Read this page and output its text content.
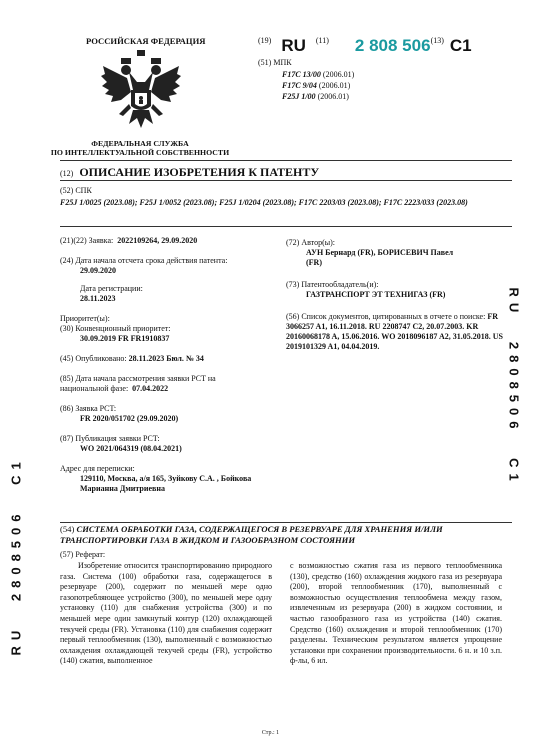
РОССИЙСКАЯ ФЕДЕРАЦИЯ
ФЕДЕРАЛЬНАЯ СЛУЖБА
ПО ИНТЕЛЛЕКТУАЛЬНОЙ СОБСТВЕННОСТИ
$^{(19)}$ RU $^{(11)}$ 2 808 506$^{(13)}$ C1
(51) МПК
F17C 13/00 (2006.01)
F17C 9/04 (2006.01)
F25J 1/00 (2006.01)
(12) ОПИСАНИЕ ИЗОБРЕТЕНИЯ К ПАТЕНТУ
(52) СПК
F25J 1/0025 (2023.08); F25J 1/0052 (2023.08); F25J 1/0204 (2023.08); F17C 2203/03 (2023.08); F17C 2223/033 (2023.08)
(21)(22) Заявка: 2022109264, 29.09.2020
(24) Дата начала отсчета срока действия патента:
29.09.2020
Дата регистрации:
28.11.2023
Приоритет(ы):
(30) Конвенционный приоритет:
30.09.2019 FR FR1910837
(45) Опубликовано: 28.11.2023 Бюл. № 34
(85) Дата начала рассмотрения заявки PCT на национальной фазе: 07.04.2022
(86) Заявка PCT:
FR 2020/051702 (29.09.2020)
(87) Публикация заявки PCT:
WO 2021/064319 (08.04.2021)
Адрес для переписки:
129110, Москва, а/я 165, Зуйкову С.А. , Бойкова Марианна Дмитриевна
(72) Автор(ы):
АУН Бернард (FR), БОРИСЕВИЧ Павел (FR)
(73) Патентообладатель(и):
ГАЗТРАНСПОРТ ЭТ ТЕХНИГАЗ (FR)
(56) Список документов, цитированных в отчете о поиске: FR 3066257 A1, 16.11.2018. RU 2208747 C2, 20.07.2003. KR 20160068178 A, 15.06.2016. WO 2018096187 A2, 31.05.2018. US 2019101329 A1, 04.04.2019.
RU 2808506 C1
RU 2808506 C1
(54) СИСТЕМА ОБРАБОТКИ ГАЗА, СОДЕРЖАЩЕГОСЯ В РЕЗЕРВУАРЕ ДЛЯ ХРАНЕНИЯ И/ИЛИ ТРАНСПОРТИРОВКИ ГАЗА В ЖИДКОМ И ГАЗООБРАЗНОМ СОСТОЯНИИ
(57) Реферат:
Изобретение относится транспортированию природного газа. Система (100) обработки газа, содержащегося в резервуаре (200), содержит по меньшей мере одно газопотребляющее устройство (300), по меньшей мере одну установку (110) для снабжения устройства (300) и по меньшей мере один замкнутый контур (120) охлаждающей текучей среды (FR). Установка (110) для снабжения содержит первый теплообменник (130), выполненный с возможностью охлаждения охлаждающей текучей среды (FR), устройство (140) сжатия, выполненное
с возможностью сжатия газа из первого теплообменника (130), средство (160) охлаждения жидкого газа из резервуара (200), второй теплообменник (170), выполненный с возможностью осуществления теплообмена между газом, извлеченным из резервуара (200) в жидком состоянии, и частью газообразного газа из устройства (140) сжатия. Средство (160) охлаждения и второй теплообменник (170) разделены. Техническим результатом является упрощение установки при сохранении производительности. 6 н. и 10 з.п. ф-лы, 6 ил.
Стр.: 1
